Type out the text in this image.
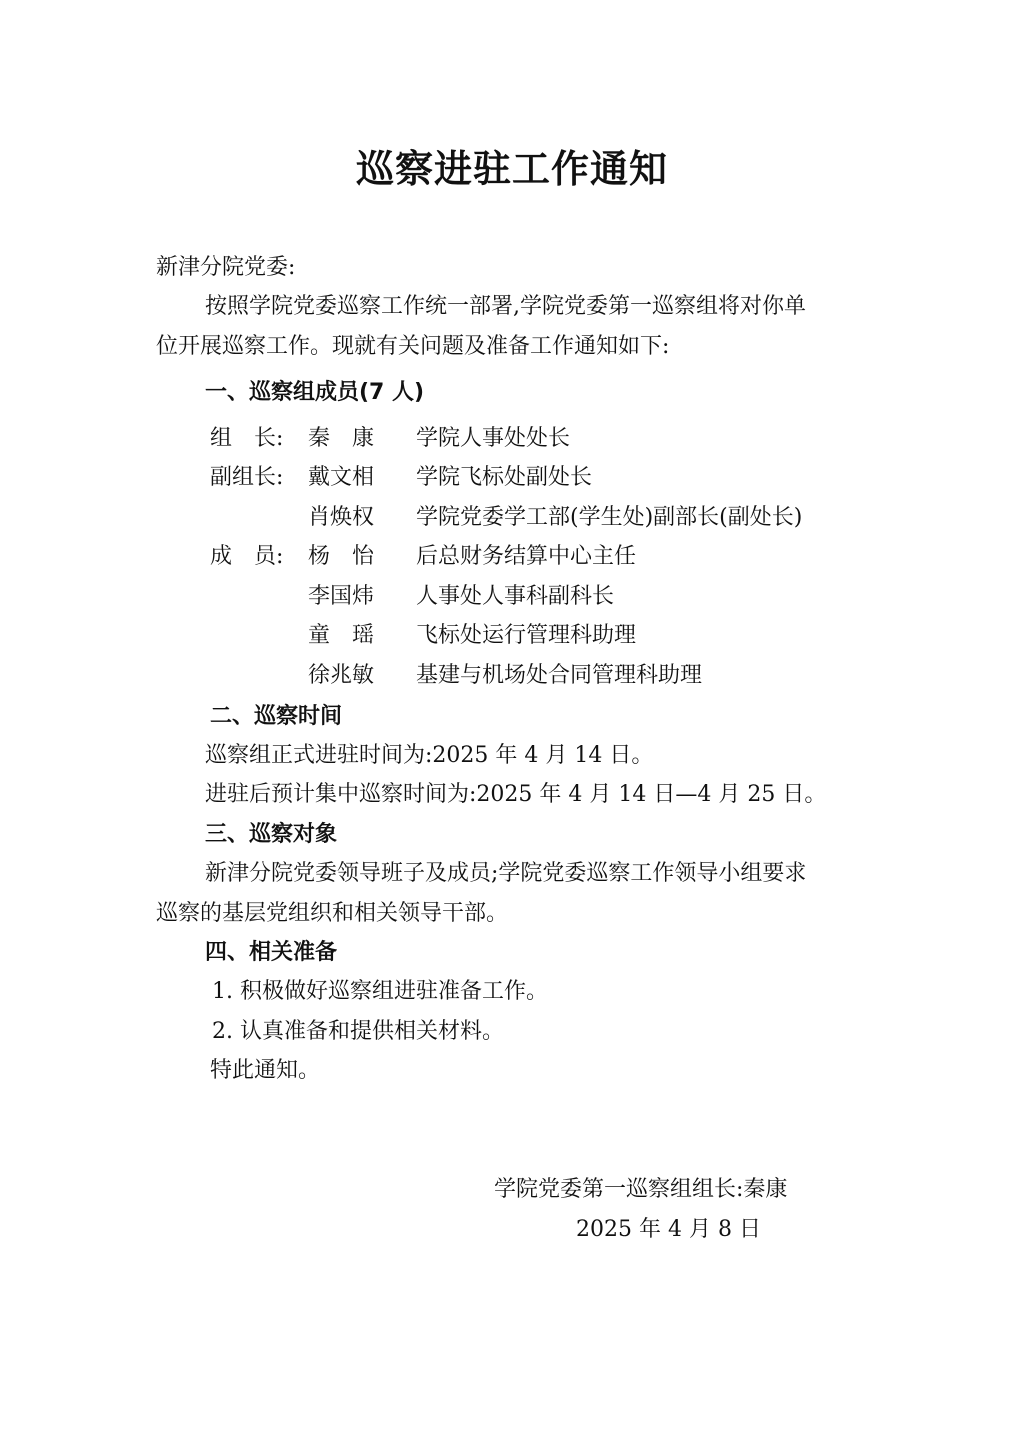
巡察进驻工作通知
新津分院党委:
按照学院党委巡察工作统一部署,学院党委第一巡察组将对你单
位开展巡察工作。现就有关问题及准备工作通知如下:
一、巡察组成员(7 人)
组　长:	秦　康 学院人事处处长
副组长:	戴文相 学院飞标处副处长
肖焕权 学院党委学工部(学生处)副部长(副处长)
成　员:	杨　怡 后总财务结算中心主任
李国炜 人事处人事科副科长
童　瑶 飞标处运行管理科助理
徐兆敏 基建与机场处合同管理科助理
二、巡察时间
巡察组正式进驻时间为:2025 年 4 月 14 日。
进驻后预计集中巡察时间为:2025 年 4 月 14 日—4 月 25 日。
三、巡察对象
新津分院党委领导班子及成员;学院党委巡察工作领导小组要求
巡察的基层党组织和相关领导干部。
四、相关准备
1. 积极做好巡察组进驻准备工作。
2. 认真准备和提供相关材料。
特此通知。
学院党委第一巡察组组长:秦康
2025 年 4 月 8 日
